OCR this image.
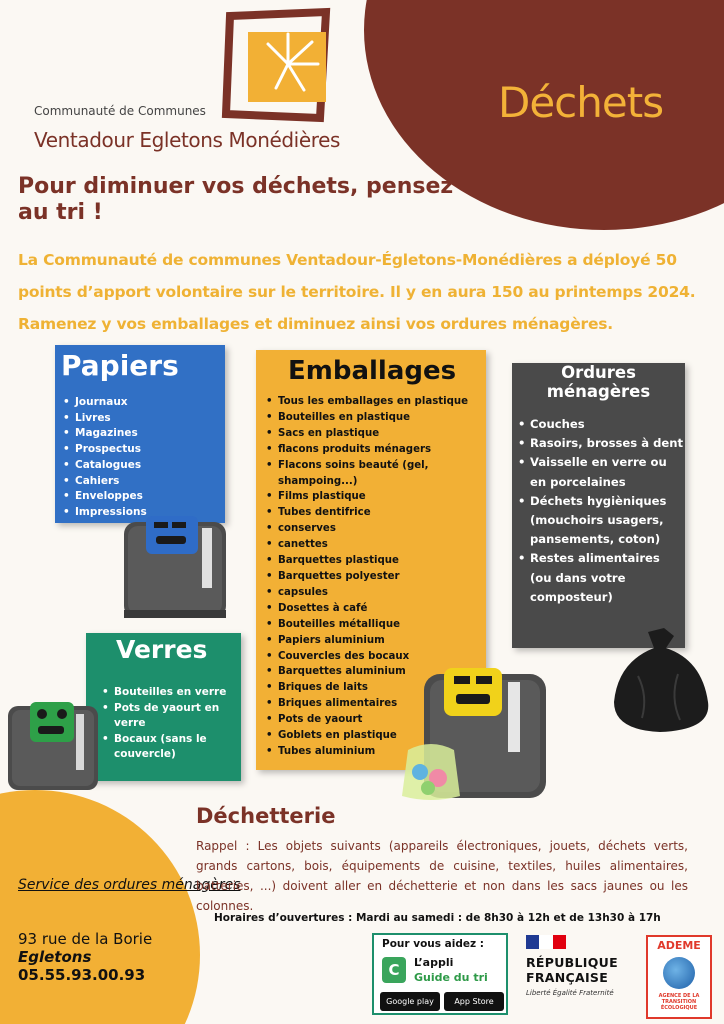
Déchets
Communauté de Communes
Ventadour Egletons Monédières
Pour diminuer vos déchets, pensez au tri !
La Communauté de communes Ventadour-Égletons-Monédières a déployé 50 points d’apport volontaire sur le territoire. Il y en aura 150 au printemps 2024. Ramenez y vos emballages et diminuez ainsi vos ordures ménagères.
Papiers
• Journaux
• Livres
• Magazines
• Prospectus
• Catalogues
• Cahiers
• Enveloppes
• Impressions
Verres
• Bouteilles en verre
• Pots de yaourt en verre
• Bocaux (sans le couvercle)
Emballages
• Tous les emballages en plastique
• Bouteilles en plastique
• Sacs en plastique
• flacons produits ménagers
• Flacons soins beauté (gel, shampoing...)
• Films plastique
• Tubes dentifrice
• conserves
• canettes
• Barquettes plastique
• Barquettes polyester
• capsules
• Dosettes à café
• Bouteilles métallique
• Papiers aluminium
• Couvercles des bocaux
• Barquettes aluminium
• Briques de laits
• Briques alimentaires
• Pots de yaourt
• Goblets en plastique
• Tubes aluminium
Ordures ménagères
• Couches
• Rasoirs, brosses à dent
• Vaisselle en verre ou en porcelaines
• Déchets hygièniques (mouchoirs usagers, pansements, coton)
• Restes alimentaires (ou dans votre composteur)
Service des ordures ménagères
93 rue de la Borie
Egletons
05.55.93.00.93
Déchetterie
Rappel : Les objets suivants (appareils électroniques, jouets, déchets verts, grands cartons, bois, équipements de cuisine, textiles, huiles alimentaires, batteries, ...) doivent aller en déchetterie et non dans les sacs jaunes ou les colonnes.
Horaires d’ouvertures : Mardi au samedi : de 8h30 à 12h et de 13h30 à 17h
Pour vous aidez :
C	L’appli
Guide du tri
Google play	App Store
RÉPUBLIQUE FRANÇAISE
Liberté Égalité Fraternité
ADEME
AGENCE DE LA TRANSITION ÉCOLOGIQUE
